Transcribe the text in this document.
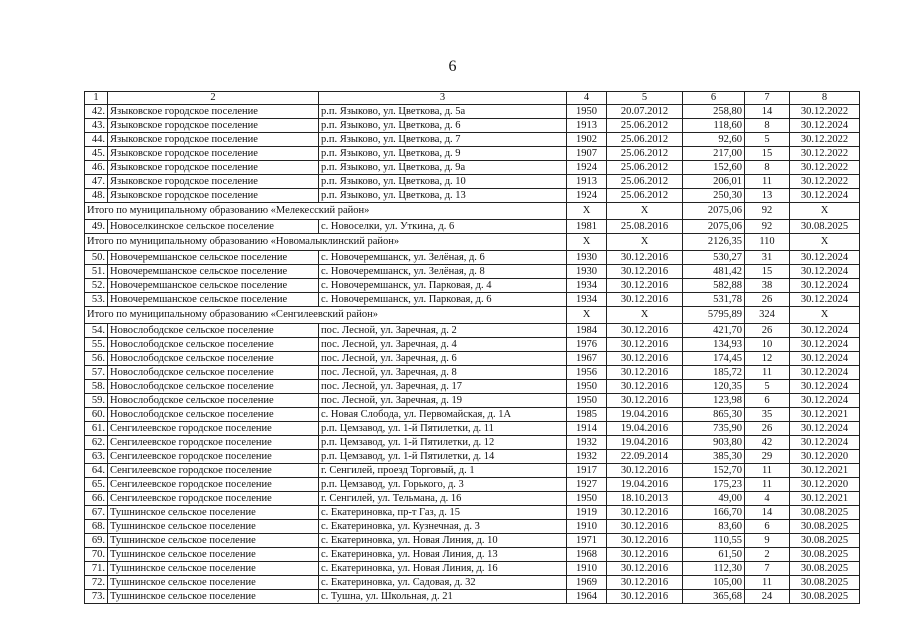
6
1	2	3	4	5	6	7	8
42.	Языковское городское поселение	р.п. Языково, ул. Цветкова, д. 5а	1950	20.07.2012	258,80	14	30.12.2022
43.	Языковское городское поселение	р.п. Языково, ул. Цветкова, д. 6	1913	25.06.2012	118,60	8	30.12.2024
44.	Языковское городское поселение	р.п. Языково, ул. Цветкова, д. 7	1902	25.06.2012	92,60	5	30.12.2022
45.	Языковское городское поселение	р.п. Языково, ул. Цветкова, д. 9	1907	25.06.2012	217,00	15	30.12.2022
46.	Языковское городское поселение	р.п. Языково, ул. Цветкова, д. 9а	1924	25.06.2012	152,60	8	30.12.2022
47.	Языковское городское поселение	р.п. Языково, ул. Цветкова, д. 10	1913	25.06.2012	206,01	11	30.12.2022
48.	Языковское городское поселение	р.п. Языково, ул. Цветкова, д. 13	1924	25.06.2012	250,30	13	30.12.2024
Итого по муниципальному образованию «Мелекесский район»			X	X	2075,06	92	X
49.	Новоселкинское сельское поселение	с. Новоселки, ул. Уткина, д. 6	1981	25.08.2016	2075,06	92	30.08.2025
Итого по муниципальному образованию «Новомалыклинский район»			X	X	2126,35	110	X
50.	Новочеремшанское сельское поселение	с. Новочеремшанск, ул. Зелёная, д. 6	1930	30.12.2016	530,27	31	30.12.2024
51.	Новочеремшанское сельское поселение	с. Новочеремшанск, ул. Зелёная, д. 8	1930	30.12.2016	481,42	15	30.12.2024
52.	Новочеремшанское сельское поселение	с. Новочеремшанск, ул. Парковая, д. 4	1934	30.12.2016	582,88	38	30.12.2024
53.	Новочеремшанское сельское поселение	с. Новочеремшанск, ул. Парковая, д. 6	1934	30.12.2016	531,78	26	30.12.2024
Итого по муниципальному образованию «Сенгилеевский район»			X	X	5795,89	324	X
54.	Новослободское сельское поселение	пос. Лесной, ул. Заречная, д. 2	1984	30.12.2016	421,70	26	30.12.2024
55.	Новослободское сельское поселение	пос. Лесной, ул. Заречная, д. 4	1976	30.12.2016	134,93	10	30.12.2024
56.	Новослободское сельское поселение	пос. Лесной, ул. Заречная, д. 6	1967	30.12.2016	174,45	12	30.12.2024
57.	Новослободское сельское поселение	пос. Лесной, ул. Заречная, д. 8	1956	30.12.2016	185,72	11	30.12.2024
58.	Новослободское сельское поселение	пос. Лесной, ул. Заречная, д. 17	1950	30.12.2016	120,35	5	30.12.2024
59.	Новослободское сельское поселение	пос. Лесной, ул. Заречная, д. 19	1950	30.12.2016	123,98	6	30.12.2024
60.	Новослободское сельское поселение	с. Новая Слобода, ул. Первомайская, д. 1А	1985	19.04.2016	865,30	35	30.12.2021
61.	Сенгилеевское городское поселение	р.п. Цемзавод, ул. 1-й Пятилетки, д. 11	1914	19.04.2016	735,90	26	30.12.2024
62.	Сенгилеевское городское поселение	р.п. Цемзавод, ул. 1-й Пятилетки, д. 12	1932	19.04.2016	903,80	42	30.12.2024
63.	Сенгилеевское городское поселение	р.п. Цемзавод, ул. 1-й Пятилетки, д. 14	1932	22.09.2014	385,30	29	30.12.2020
64.	Сенгилеевское городское поселение	г. Сенгилей, проезд Торговый, д. 1	1917	30.12.2016	152,70	11	30.12.2021
65.	Сенгилеевское городское поселение	р.п. Цемзавод, ул. Горького, д. 3	1927	19.04.2016	175,23	11	30.12.2020
66.	Сенгилеевское городское поселение	г. Сенгилей, ул. Тельмана, д. 16	1950	18.10.2013	49,00	4	30.12.2021
67.	Тушнинское сельское поселение	с. Екатериновка, пр-т Газ, д. 15	1919	30.12.2016	166,70	14	30.08.2025
68.	Тушнинское сельское поселение	с. Екатериновка, ул. Кузнечная, д. 3	1910	30.12.2016	83,60	6	30.08.2025
69.	Тушнинское сельское поселение	с. Екатериновка, ул. Новая Линия, д. 10	1971	30.12.2016	110,55	9	30.08.2025
70.	Тушнинское сельское поселение	с. Екатериновка, ул. Новая Линия, д. 13	1968	30.12.2016	61,50	2	30.08.2025
71.	Тушнинское сельское поселение	с. Екатериновка, ул. Новая Линия, д. 16	1910	30.12.2016	112,30	7	30.08.2025
72.	Тушнинское сельское поселение	с. Екатериновка, ул. Садовая, д. 32	1969	30.12.2016	105,00	11	30.08.2025
73.	Тушнинское сельское поселение	с. Тушна, ул. Школьная, д. 21	1964	30.12.2016	365,68	24	30.08.2025
